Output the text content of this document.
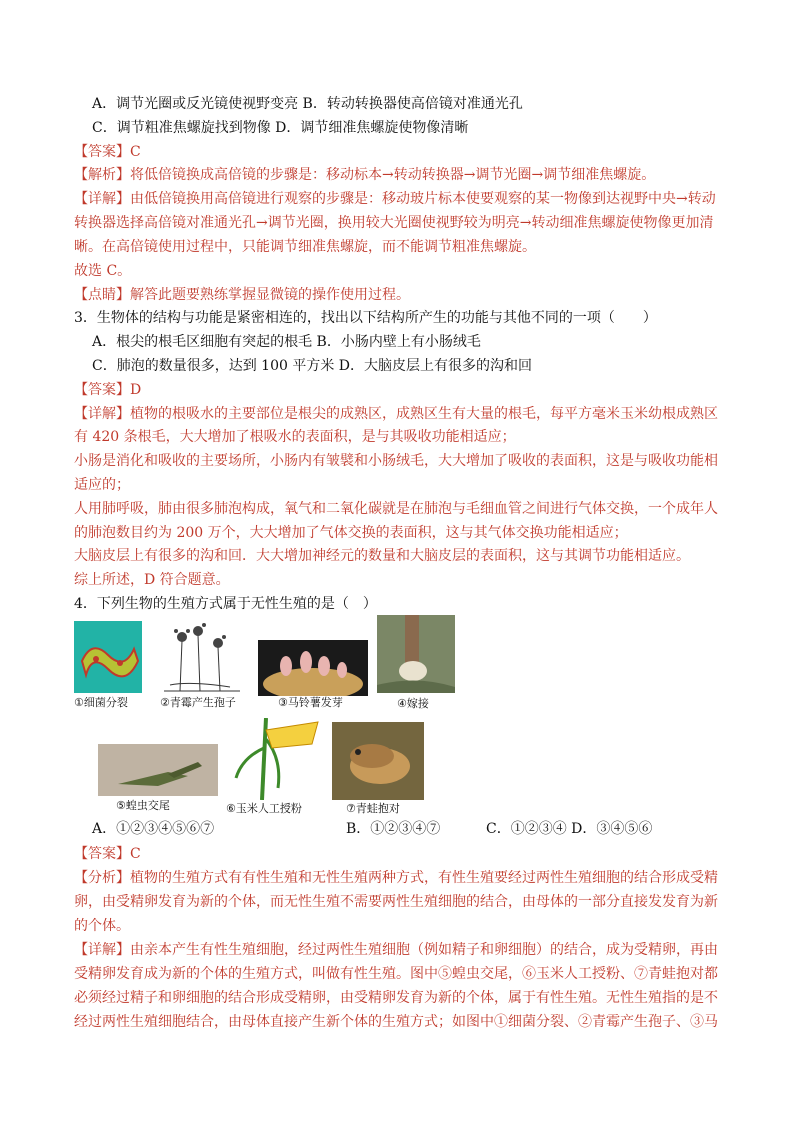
A．调节光圈或反光镜使视野变亮 B．转动转换器使高倍镜对准通光孔
C．调节粗准焦螺旋找到物像 D．调节细准焦螺旋使物像清晰
【答案】C
【解析】将低倍镜换成高倍镜的步骤是：移动标本→转动转换器→调节光圈→调节细准焦螺旋。
【详解】由低倍镜换用高倍镜进行观察的步骤是：移动玻片标本使要观察的某一物像到达视野中央→转动
转换器选择高倍镜对准通光孔→调节光圈，换用较大光圈使视野较为明亮→转动细准焦螺旋使物像更加清
晰。在高倍镜使用过程中，只能调节细准焦螺旋，而不能调节粗准焦螺旋。
故选 C。
【点睛】解答此题要熟练掌握显微镜的操作使用过程。
3．生物体的结构与功能是紧密相连的，找出以下结构所产生的功能与其他不同的一项（　　）
A．根尖的根毛区细胞有突起的根毛 B．小肠内壁上有小肠绒毛
C．肺泡的数量很多，达到 100 平方米 D．大脑皮层上有很多的沟和回
【答案】D
【详解】植物的根吸水的主要部位是根尖的成熟区，成熟区生有大量的根毛，每平方毫米玉米幼根成熟区
有 420 条根毛，大大增加了根吸水的表面积，是与其吸收功能相适应；
小肠是消化和吸收的主要场所，小肠内有皱襞和小肠绒毛，大大增加了吸收的表面积，这是与吸收功能相
适应的；
人用肺呼吸，肺由很多肺泡构成，氧气和二氧化碳就是在肺泡与毛细血管之间进行气体交换，一个成年人
的肺泡数目约为 200 万个，大大增加了气体交换的表面积，这与其气体交换功能相适应；
大脑皮层上有很多的沟和回．大大增加神经元的数量和大脑皮层的表面积，这与其调节功能相适应。
综上所述，D 符合题意。
4．下列生物的生殖方式属于无性生殖的是（　）
①细菌分裂	②青霉产生孢子	③马铃薯发芽	④嫁接
⑤蝗虫交尾	⑥玉米人工授粉	⑦青蛙抱对
A．①②③④⑤⑥⑦	B．①②③④⑦	C．①②③④ D．③④⑤⑥
【答案】C
【分析】植物的生殖方式有有性生殖和无性生殖两种方式，有性生殖要经过两性生殖细胞的结合形成受精
卵，由受精卵发育为新的个体，而无性生殖不需要两性生殖细胞的结合，由母体的一部分直接发发育为新
的个体。
【详解】由亲本产生有性生殖细胞，经过两性生殖细胞（例如精子和卵细胞）的结合，成为受精卵，再由
受精卵发育成为新的个体的生殖方式，叫做有性生殖。图中⑤蝗虫交尾，⑥玉米人工授粉、⑦青蛙抱对都
必须经过精子和卵细胞的结合形成受精卵，由受精卵发育为新的个体，属于有性生殖。无性生殖指的是不
经过两性生殖细胞结合，由母体直接产生新个体的生殖方式；如图中①细菌分裂、②青霉产生孢子、③马
